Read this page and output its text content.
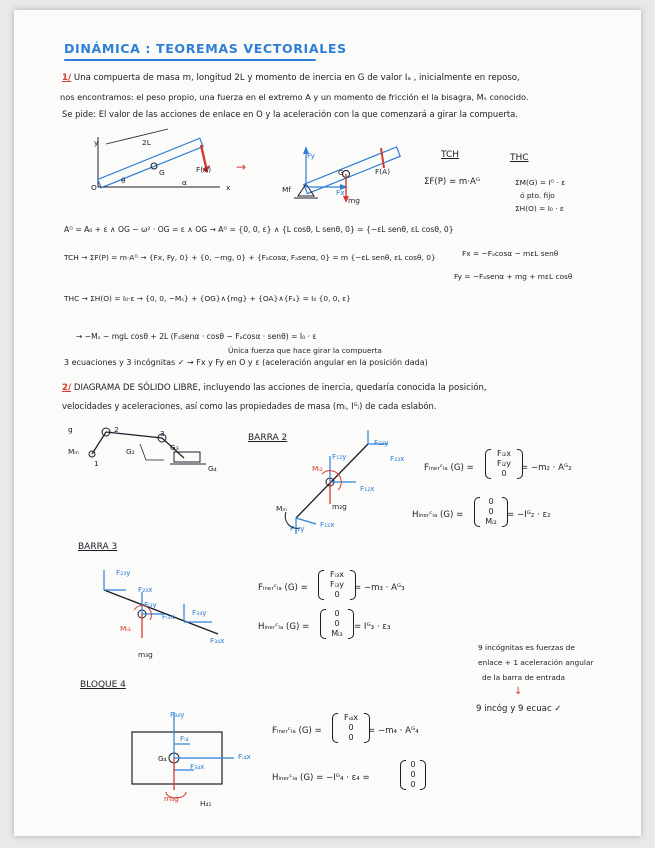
DINÁMICA : TEOREMAS VECTORIALES
1/ Una compuerta de masa m, longitud 2L y momento de inercia en G de valor Iₐ , inicialmente en reposo,
nos encontramos: el peso propio, una fuerza en el extremo A y un momento de fricción el la bisagra, Mₛ conocido.
Se pide: El valor de las acciones de enlace en O y la aceleración con la que comenzará a girar la compuerta.
y	2L
G	F(A)
O	x
α
θ
→
Fy
Fx
mg
F(A)
Mf
G
TCH	THC
ΣF(P) = m·Aᴳ	ΣM(G) = Iᴳ · ε
ó pto. fijo
ΣH(O) = I₀ · ε
Aᴳ = A₀ + ε ∧ OG − ω² · OG = ε ∧ OG → Aᴳ = {0, 0, ε} ∧ {L cosθ, L senθ, 0} = {−εL senθ, εL cosθ, 0}
TCH → ΣF(P) = m·Aᴳ → {Fx, Fy, 0} + {0, −mg, 0} + {Fₐcosα, Fₐsenα, 0} = m {−εL senθ, εL cosθ, 0}	Fx = −Fₐcosα − mεL senθ
Fy = −Fₐsenα + mg + mεL cosθ
THC → ΣH(O) = I₀·ε → {0, 0, −Mₛ} + {OG}∧{mg} + {OA}∧{Fₐ} = I₀ {0, 0, ε}
→ −Mₛ − mgL cosθ + 2L (Fₐsenα · cosθ − Fₐcosα · senθ) = I₀ · ε
Única fuerza que hace girar la compuerta
3 ecuaciones y 3 incógnitas ✓ → Fx y Fy en O y ε (aceleración angular en la posición dada)
2/ DIAGRAMA DE SÓLIDO LIBRE, incluyendo las acciones de inercia, quedaría conocida la posición,
velocidades y aceleraciones, así como las propiedades de masa (mᵢ, Iᴳᵢ) de cada eslabón.
g
Mₘ
2	3
1
G₂	G₃
G₄
BARRA 2	F₂₃y
F₂₃x
F₁₂y
F₁₂x
Mᵢ₂
m₂g
Mₘ
F₁₂x
F₁₂y
Fᵢₙₑᵣᶜᵢₐ (G) =
Fᵢ₂x
Fᵢ₂y
0
= −m₂ · Aᴳ₂
Hᵢₙₑᵣᶜᵢₐ (G) =
0
0
Mᵢ₂
= −Iᴳ₂ · ε₂
BARRA 3
F₂₃y
F₂₃x
Fᵢ₃y
Fᵢ₃x F₃₄y
F₃₄x
Mᵢ₃
m₃g
Fᵢₙₑᵣᶜᵢₐ (G) =
Fᵢ₃x
Fᵢ₃y
0
= −m₃ · Aᴳ₃
Hᵢₙₑᵣᶜᵢₐ (G) =
0
0
Mᵢ₃
= Iᴳ₃ · ε₃
9 incógnitas es fuerzas de
enlace + 1 aceleración angular
de la barra de entrada
↓
9 incóg y 9 ecuac ✓
BLOQUE 4
F₃₄y
Fᵢ₄
F₃₄x
Fᵢ₄x
G₄
m₄g
H₄₁
Fᵢₙₑᵣᶜᵢₐ (G) =
Fᵢ₄x
0
0
= −m₄ · Aᴳ₄
Hᵢₙₑᵣᶜᵢₐ (G) = −Iᴳ₄ · ε₄ =
0
0
0
